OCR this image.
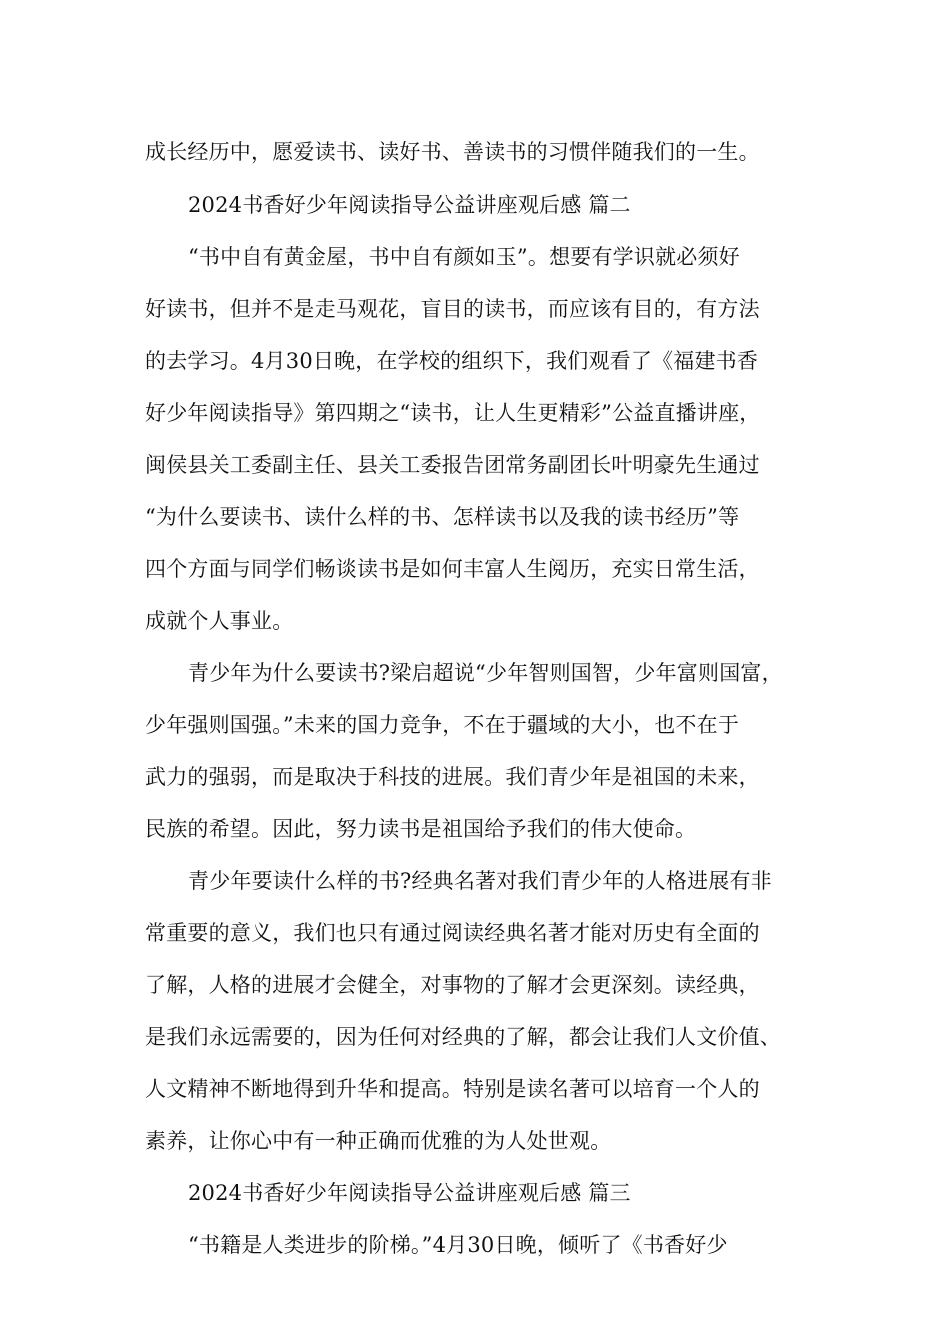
成长经历中，愿爱读书、读好书、善读书的习惯伴随我们的一生。
2024书香好少年阅读指导公益讲座观后感 篇二
“书中自有黄金屋，书中自有颜如玉”。想要有学识就必须好
好读书，但并不是走马观花，盲目的读书，而应该有目的，有方法
的去学习。4月30日晚，在学校的组织下，我们观看了《福建书香
好少年阅读指导》第四期之“读书，让人生更精彩”公益直播讲座，
闽侯县关工委副主任、县关工委报告团常务副团长叶明豪先生通过
“为什么要读书、读什么样的书、怎样读书以及我的读书经历”等
四个方面与同学们畅谈读书是如何丰富人生阅历，充实日常生活，
成就个人事业。
青少年为什么要读书?梁启超说“少年智则国智，少年富则国富，
少年强则国强。”未来的国力竞争，不在于疆域的大小，也不在于
武力的强弱，而是取决于科技的进展。我们青少年是祖国的未来，
民族的希望。因此，努力读书是祖国给予我们的伟大使命。
青少年要读什么样的书?经典名著对我们青少年的人格进展有非
常重要的意义，我们也只有通过阅读经典名著才能对历史有全面的
了解，人格的进展才会健全，对事物的了解才会更深刻。读经典，
是我们永远需要的，因为任何对经典的了解，都会让我们人文价值、
人文精神不断地得到升华和提高。特别是读名著可以培育一个人的
素养，让你心中有一种正确而优雅的为人处世观。
2024书香好少年阅读指导公益讲座观后感 篇三
“书籍是人类进步的阶梯。”4月30日晚，倾听了《书香好少
